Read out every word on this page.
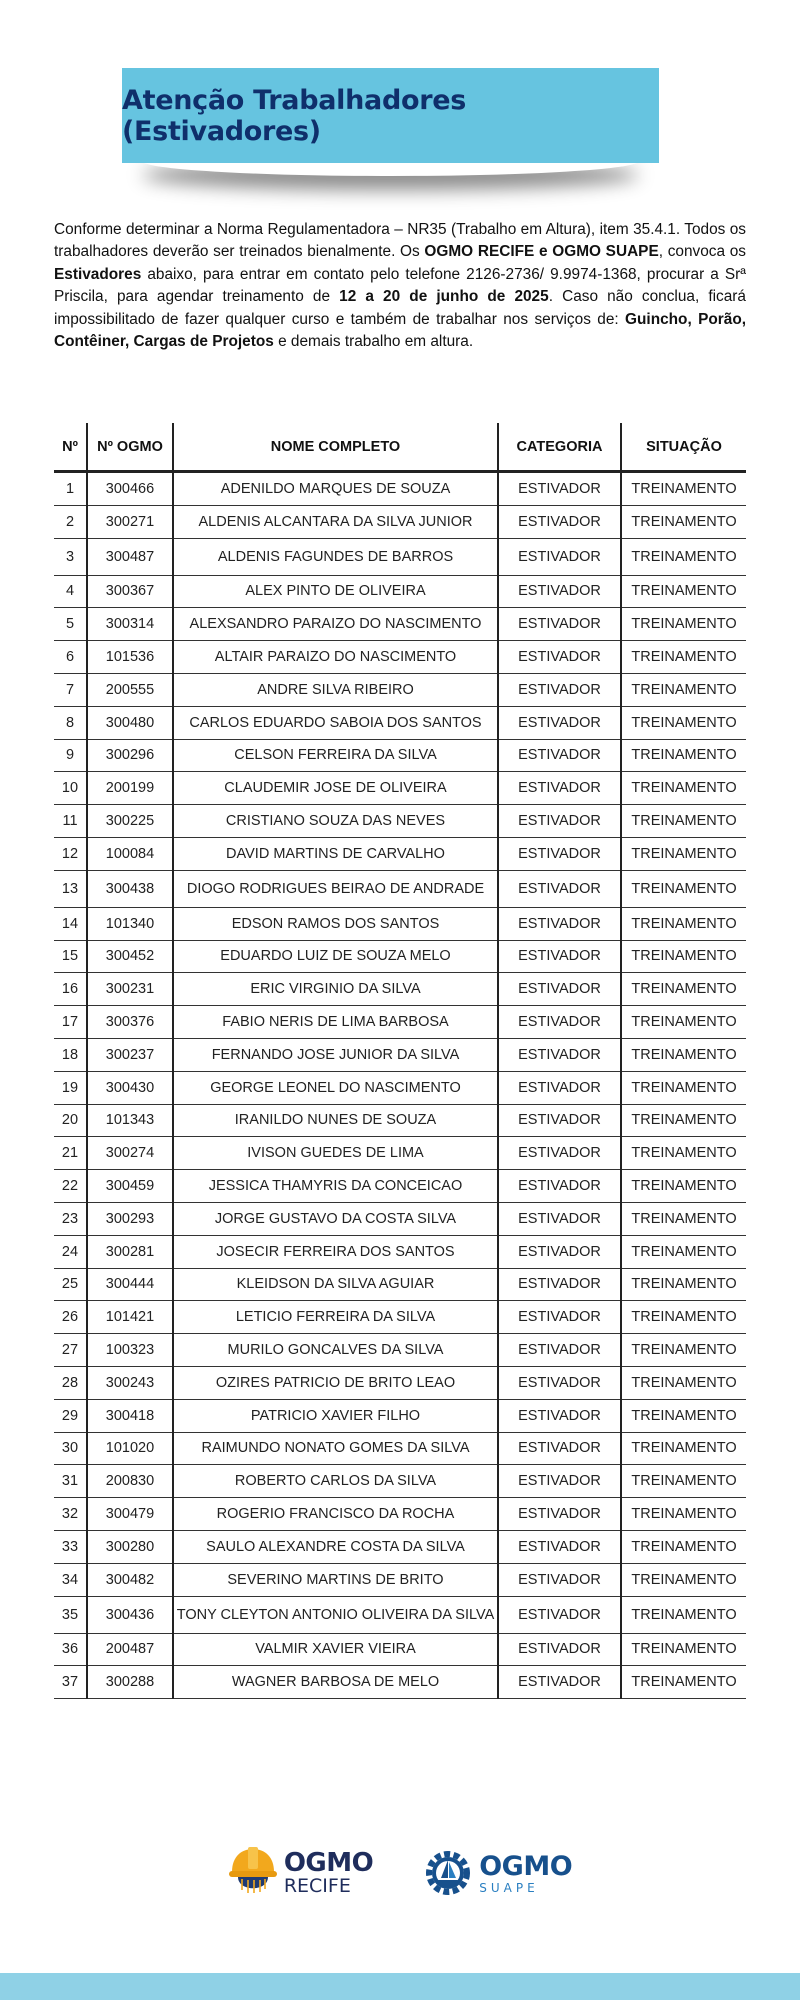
Atenção Trabalhadores (Estivadores)
Conforme determinar a Norma Regulamentadora – NR35 (Trabalho em Altura), item 35.4.1. Todos os trabalhadores deverão ser treinados bienalmente. Os OGMO RECIFE e OGMO SUAPE, convoca os Estivadores abaixo, para entrar em contato pelo telefone 2126-2736/ 9.9974-1368, procurar a Srª Priscila, para agendar treinamento de 12 a 20 de junho de 2025. Caso não conclua, ficará impossibilitado de fazer qualquer curso e também de trabalhar nos serviços de: Guincho, Porão, Contêiner, Cargas de Projetos e demais trabalho em altura.
Nº	Nº OGMO	NOME COMPLETO	CATEGORIA	SITUAÇÃO
1	300466	ADENILDO MARQUES DE SOUZA	ESTIVADOR	TREINAMENTO
2	300271	ALDENIS ALCANTARA DA SILVA JUNIOR	ESTIVADOR	TREINAMENTO
3	300487	ALDENIS FAGUNDES DE BARROS	ESTIVADOR	TREINAMENTO
4	300367	ALEX PINTO DE OLIVEIRA	ESTIVADOR	TREINAMENTO
5	300314	ALEXSANDRO PARAIZO DO NASCIMENTO	ESTIVADOR	TREINAMENTO
6	101536	ALTAIR PARAIZO DO NASCIMENTO	ESTIVADOR	TREINAMENTO
7	200555	ANDRE SILVA RIBEIRO	ESTIVADOR	TREINAMENTO
8	300480	CARLOS EDUARDO SABOIA DOS SANTOS	ESTIVADOR	TREINAMENTO
9	300296	CELSON FERREIRA DA SILVA	ESTIVADOR	TREINAMENTO
10	200199	CLAUDEMIR JOSE DE OLIVEIRA	ESTIVADOR	TREINAMENTO
11	300225	CRISTIANO SOUZA DAS NEVES	ESTIVADOR	TREINAMENTO
12	100084	DAVID MARTINS DE CARVALHO	ESTIVADOR	TREINAMENTO
13	300438	DIOGO RODRIGUES BEIRAO DE ANDRADE	ESTIVADOR	TREINAMENTO
14	101340	EDSON RAMOS DOS SANTOS	ESTIVADOR	TREINAMENTO
15	300452	EDUARDO LUIZ DE SOUZA MELO	ESTIVADOR	TREINAMENTO
16	300231	ERIC VIRGINIO DA SILVA	ESTIVADOR	TREINAMENTO
17	300376	FABIO NERIS DE LIMA BARBOSA	ESTIVADOR	TREINAMENTO
18	300237	FERNANDO JOSE JUNIOR DA SILVA	ESTIVADOR	TREINAMENTO
19	300430	GEORGE LEONEL DO NASCIMENTO	ESTIVADOR	TREINAMENTO
20	101343	IRANILDO NUNES DE SOUZA	ESTIVADOR	TREINAMENTO
21	300274	IVISON GUEDES DE LIMA	ESTIVADOR	TREINAMENTO
22	300459	JESSICA THAMYRIS DA CONCEICAO	ESTIVADOR	TREINAMENTO
23	300293	JORGE GUSTAVO DA COSTA SILVA	ESTIVADOR	TREINAMENTO
24	300281	JOSECIR FERREIRA DOS SANTOS	ESTIVADOR	TREINAMENTO
25	300444	KLEIDSON DA SILVA AGUIAR	ESTIVADOR	TREINAMENTO
26	101421	LETICIO FERREIRA DA SILVA	ESTIVADOR	TREINAMENTO
27	100323	MURILO GONCALVES DA SILVA	ESTIVADOR	TREINAMENTO
28	300243	OZIRES PATRICIO DE BRITO LEAO	ESTIVADOR	TREINAMENTO
29	300418	PATRICIO XAVIER FILHO	ESTIVADOR	TREINAMENTO
30	101020	RAIMUNDO NONATO GOMES DA SILVA	ESTIVADOR	TREINAMENTO
31	200830	ROBERTO CARLOS DA SILVA	ESTIVADOR	TREINAMENTO
32	300479	ROGERIO FRANCISCO DA ROCHA	ESTIVADOR	TREINAMENTO
33	300280	SAULO ALEXANDRE COSTA DA SILVA	ESTIVADOR	TREINAMENTO
34	300482	SEVERINO MARTINS DE BRITO	ESTIVADOR	TREINAMENTO
35	300436	TONY CLEYTON ANTONIO OLIVEIRA DA SILVA	ESTIVADOR	TREINAMENTO
36	200487	VALMIR XAVIER VIEIRA	ESTIVADOR	TREINAMENTO
37	300288	WAGNER BARBOSA DE MELO	ESTIVADOR	TREINAMENTO
OGMO
RECIFE
OGMO
SUAPE
